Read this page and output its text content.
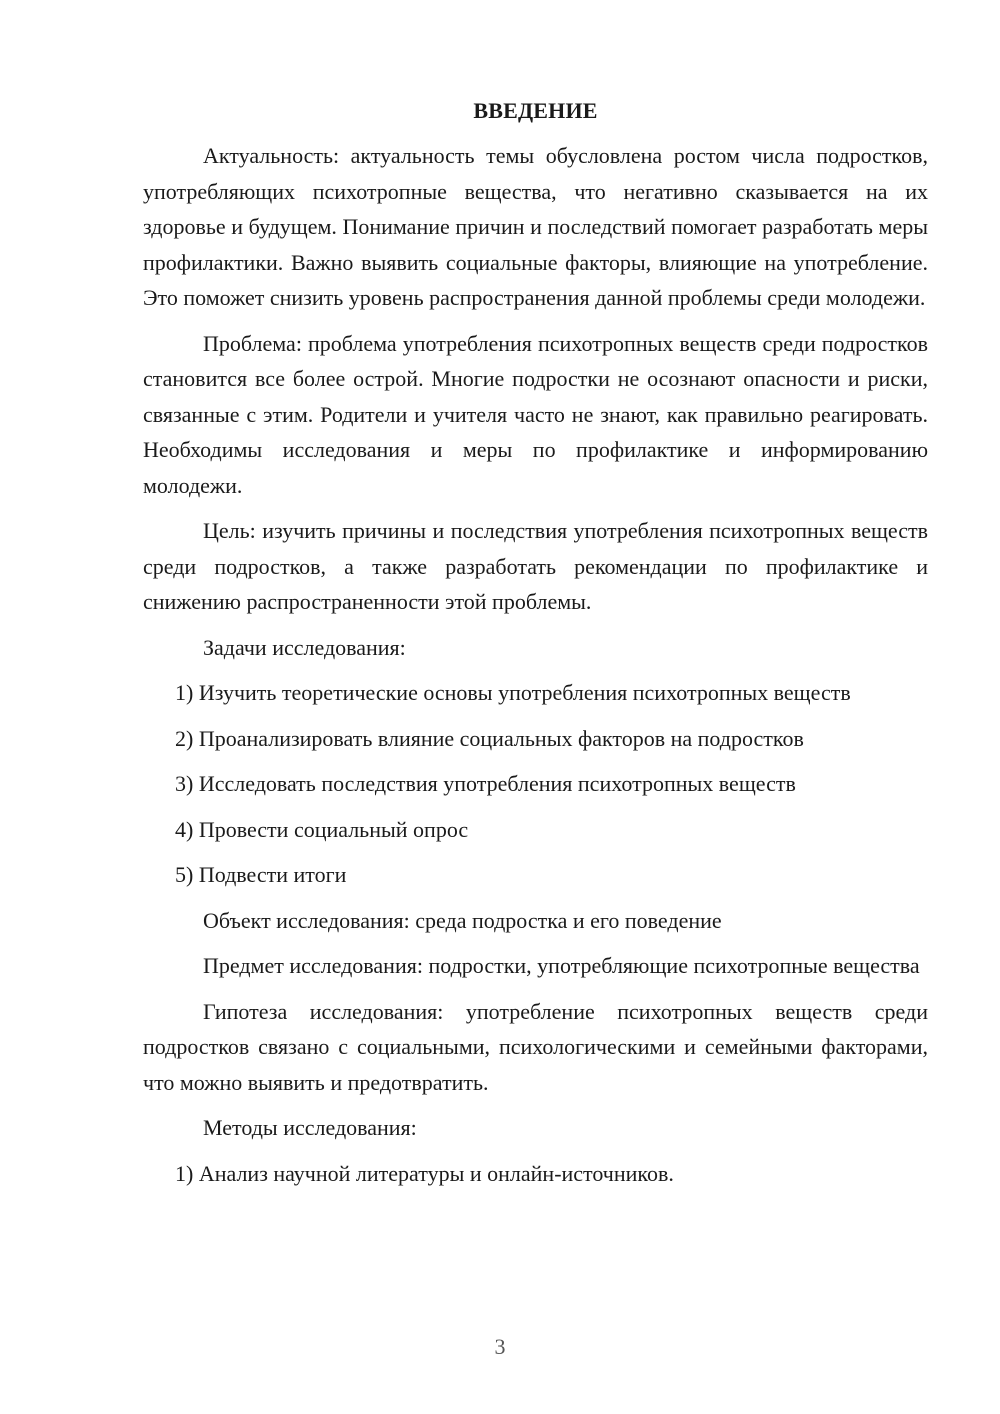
ВВЕДЕНИЕ

Актуальность: актуальность темы обусловлена ростом числа подростков, употребляющих психотропные вещества, что негативно сказывается на их здоровье и будущем. Понимание причин и последствий помогает разработать меры профилактики. Важно выявить социальные факторы, влияющие на употребление. Это поможет снизить уровень распространения данной проблемы среди молодежи.

Проблема: проблема употребления психотропных веществ среди подростков становится все более острой. Многие подростки не осознают опасности и риски, связанные с этим. Родители и учителя часто не знают, как правильно реагировать. Необходимы исследования и меры по профилактике и информированию молодежи.

Цель: изучить причины и последствия употребления психотропных веществ среди подростков, а также разработать рекомендации по профилактике и снижению распространенности этой проблемы.

Задачи исследования:

1) Изучить теоретические основы употребления психотропных веществ

2) Проанализировать влияние социальных факторов на подростков

3) Исследовать последствия употребления психотропных веществ

4) Провести социальный опрос

5) Подвести итоги

Объект исследования: среда подростка и его поведение

Предмет исследования: подростки, употребляющие психотропные вещества

Гипотеза исследования: употребление психотропных веществ среди подростков связано с социальными, психологическими и семейными факторами, что можно выявить и предотвратить.

Методы исследования:

1) Анализ научной литературы и онлайн-источников.

3
